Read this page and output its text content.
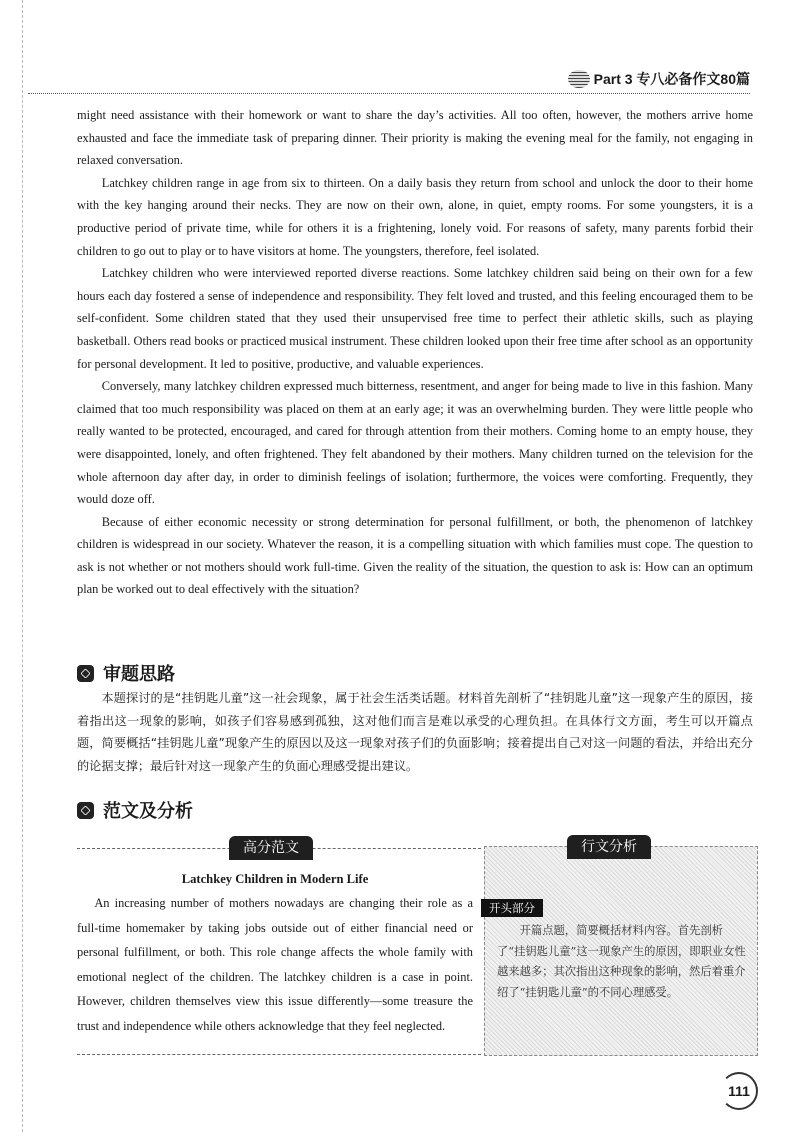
Part 3 专八必备作文80篇

might need assistance with their homework or want to share the day’s activities. All too often, however, the mothers arrive home exhausted and face the immediate task of preparing dinner. Their priority is making the evening meal for the family, not engaging in relaxed conversation.

Latchkey children range in age from six to thirteen. On a daily basis they return from school and unlock the door to their home with the key hanging around their necks. They are now on their own, alone, in quiet, empty rooms. For some youngsters, it is a productive period of private time, while for others it is a frightening, lonely void. For reasons of safety, many parents forbid their children to go out to play or to have visitors at home. The youngsters, therefore, feel isolated.

Latchkey children who were interviewed reported diverse reactions. Some latchkey children said being on their own for a few hours each day fostered a sense of independence and responsibility. They felt loved and trusted, and this feeling encouraged them to be self-confident. Some children stated that they used their unsupervised free time to perfect their athletic skills, such as playing basketball. Others read books or practiced musical instrument. These children looked upon their free time after school as an opportunity for personal development. It led to positive, productive, and valuable experiences.

Conversely, many latchkey children expressed much bitterness, resentment, and anger for being made to live in this fashion. Many claimed that too much responsibility was placed on them at an early age; it was an overwhelming burden. They were little people who really wanted to be protected, encouraged, and cared for through attention from their mothers. Coming home to an empty house, they were disappointed, lonely, and often frightened. They felt abandoned by their mothers. Many children turned on the television for the whole afternoon day after day, in order to diminish feelings of isolation; furthermore, the voices were comforting. Frequently, they would doze off.

Because of either economic necessity or strong determination for personal fulfillment, or both, the phenomenon of latchkey children is widespread in our society. Whatever the reason, it is a compelling situation with which families must cope. The question to ask is not whether or not mothers should work full-time. Given the reality of the situation, the question to ask is: How can an optimum plan be worked out to deal effectively with the situation?

审题思路

本题探讨的是“挂钥匙儿童”这一社会现象，属于社会生活类话题。材料首先剖析了“挂钥匙儿童”这一现象产生的原因，接着指出这一现象的影响，如孩子们容易感到孤独，这对他们而言是难以承受的心理负担。在具体行文方面，考生可以开篇点题，简要概括“挂钥匙儿童”现象产生的原因以及这一现象对孩子们的负面影响；接着提出自己对这一问题的看法，并给出充分的论据支撑；最后针对这一现象产生的负面心理感受提出建议。

范文及分析
高分范文
Latchkey Children in Modern Life

An increasing number of mothers nowadays are changing their role as a full-time homemaker by taking jobs outside out of either financial need or personal fulfillment, or both. This role change affects the whole family with emotional neglect of the children. The latchkey children is a case in point. However, children themselves view this issue differently—some treasure the trust and independence while others acknowledge that they feel neglected.

行文分析
开头部分
开篇点题，简要概括材料内容。首先剖析了“挂钥匙儿童”这一现象产生的原因，即职业女性越来越多；其次指出这种现象的影响，然后着重介绍了“挂钥匙儿童”的不同心理感受。
111
